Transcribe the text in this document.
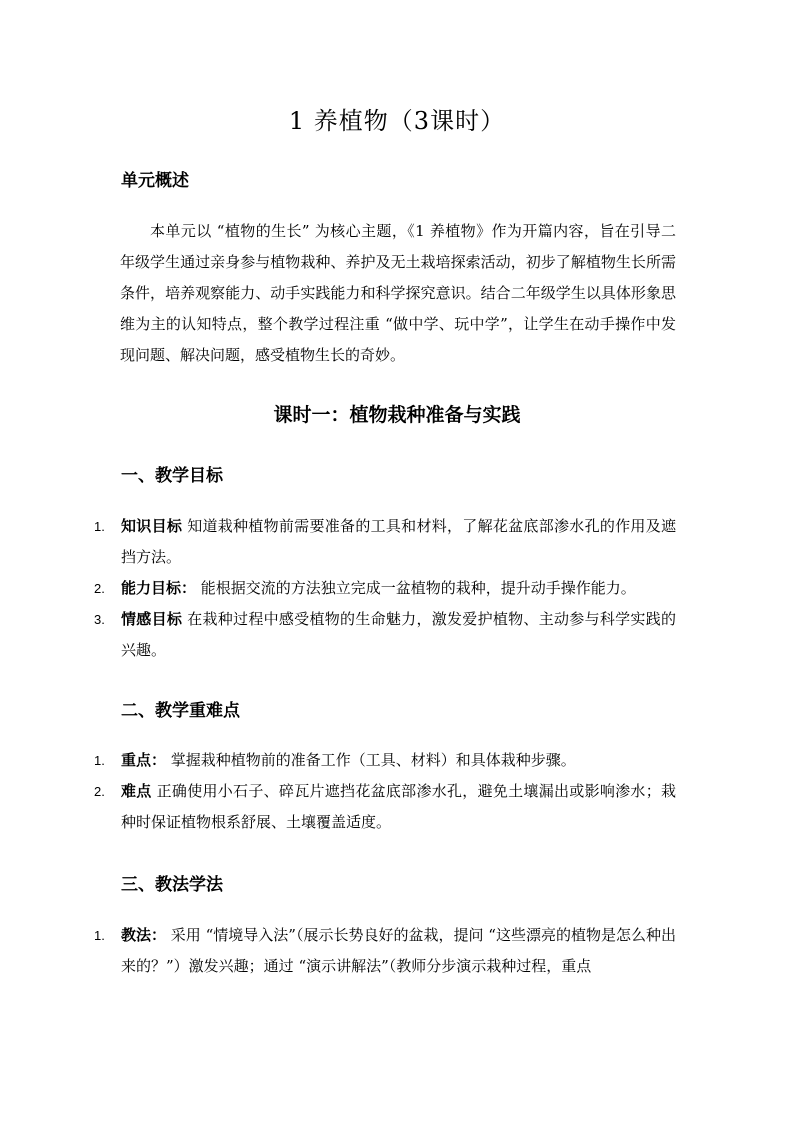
1 养植物（3课时）
单元概述
本单元以 “植物的生长” 为核心主题，《1 养植物》作为开篇内容，旨在引导二年级学生通过亲身参与植物栽种、养护及无土栽培探索活动，初步了解植物生长所需条件，培养观察能力、动手实践能力和科学探究意识。结合二年级学生以具体形象思维为主的认知特点，整个教学过程注重 “做中学、玩中学”，让学生在动手操作中发现问题、解决问题，感受植物生长的奇妙。
课时一：植物栽种准备与实践
一、教学目标
1. 知识目标 知道栽种植物前需要准备的工具和材料，了解花盆底部渗水孔的作用及遮挡方法。
2. 能力目标： 能根据交流的方法独立完成一盆植物的栽种，提升动手操作能力。
3. 情感目标 在栽种过程中感受植物的生命魅力，激发爱护植物、主动参与科学实践的兴趣。
二、教学重难点
1. 重点： 掌握栽种植物前的准备工作（工具、材料）和具体栽种步骤。
2. 难点 正确使用小石子、碎瓦片遮挡花盆底部渗水孔，避免土壤漏出或影响渗水；栽种时保证植物根系舒展、土壤覆盖适度。
三、教法学法
1. 教法： 采用 “情境导入法”（展示长势良好的盆栽，提问 “这些漂亮的植物是怎么种出来的？”）激发兴趣；通过 “演示讲解法”（教师分步演示栽种过程，重点
